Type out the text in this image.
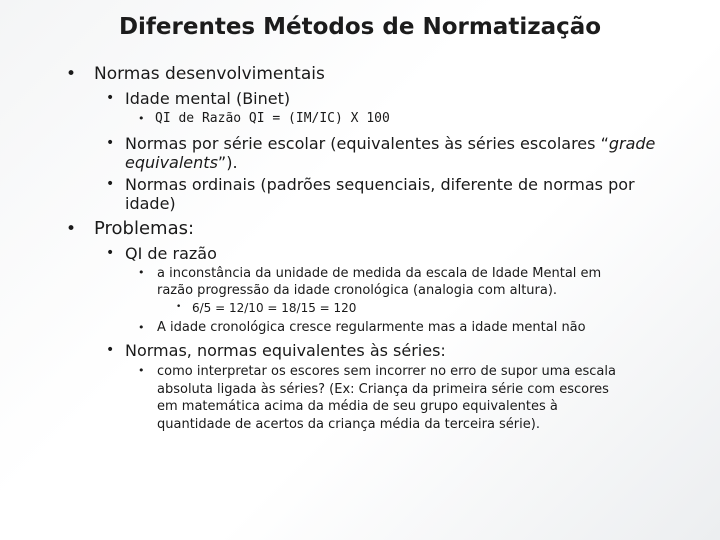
Diferentes Métodos de Normatização
• Normas desenvolvimentais
• Idade mental (Binet)
• QI de Razão QI = (IM/IC) X 100
• Normas por série escolar (equivalentes às séries escolares “grade
equivalents”).
• Normas ordinais (padrões sequenciais, diferente de normas por
idade)
• Problemas:
• QI de razão
• a inconstância da unidade de medida da escala de Idade Mental em
razão progressão da idade cronológica (analogia com altura).
• 6/5 = 12/10 = 18/15 = 120
• A idade cronológica cresce regularmente mas a idade mental não
• Normas, normas equivalentes às séries:
• como interpretar os escores sem incorrer no erro de supor uma escala
absoluta ligada às séries? (Ex: Criança da primeira série com escores
em matemática acima da média de seu grupo equivalentes à
quantidade de acertos da criança média da terceira série).
